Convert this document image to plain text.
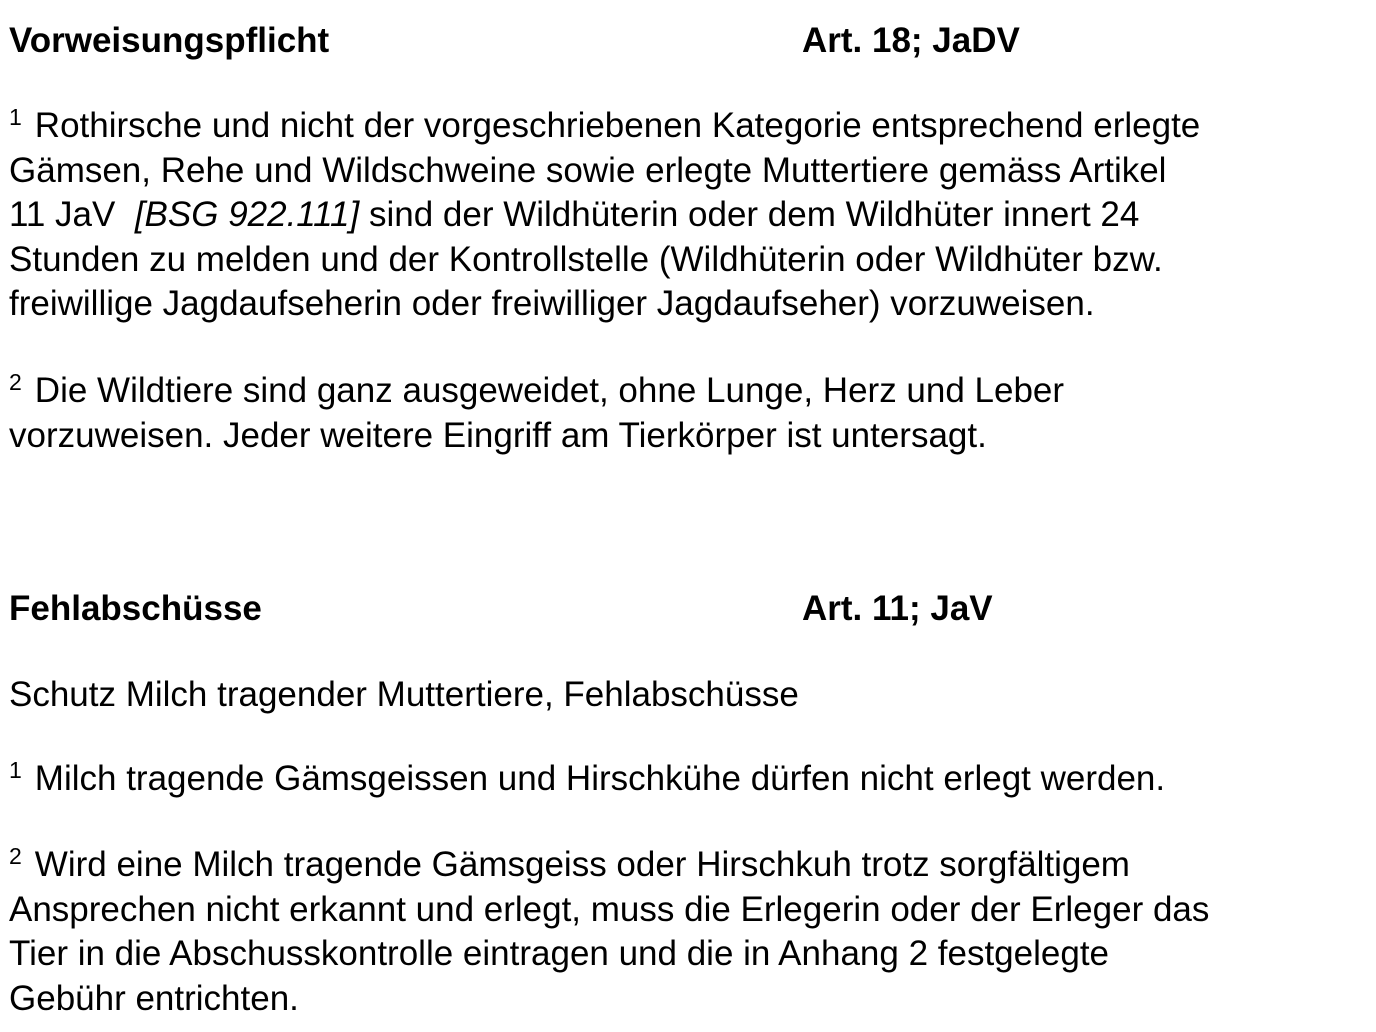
Vorweisungspflicht	Art. 18; JaDV
$^1$ Rothirsche und nicht der vorgeschriebenen Kategorie entsprechend erlegte
Gämsen, Rehe und Wildschweine sowie erlegte Muttertiere gemäss Artikel
11 JaV  [BSG 922.111] sind der Wildhüterin oder dem Wildhüter innert 24
Stunden zu melden und der Kontrollstelle (Wildhüterin oder Wildhüter bzw.
freiwillige Jagdaufseherin oder freiwilliger Jagdaufseher) vorzuweisen.
$^2$ Die Wildtiere sind ganz ausgeweidet, ohne Lunge, Herz und Leber
vorzuweisen. Jeder weitere Eingriff am Tierkörper ist untersagt.
Fehlabschüsse	Art. 11; JaV
Schutz Milch tragender Muttertiere, Fehlabschüsse
$^1$ Milch tragende Gämsgeissen und Hirschkühe dürfen nicht erlegt werden.
$^2$ Wird eine Milch tragende Gämsgeiss oder Hirschkuh trotz sorgfältigem
Ansprechen nicht erkannt und erlegt, muss die Erlegerin oder der Erleger das
Tier in die Abschusskontrolle eintragen und die in Anhang 2 festgelegte
Gebühr entrichten.
